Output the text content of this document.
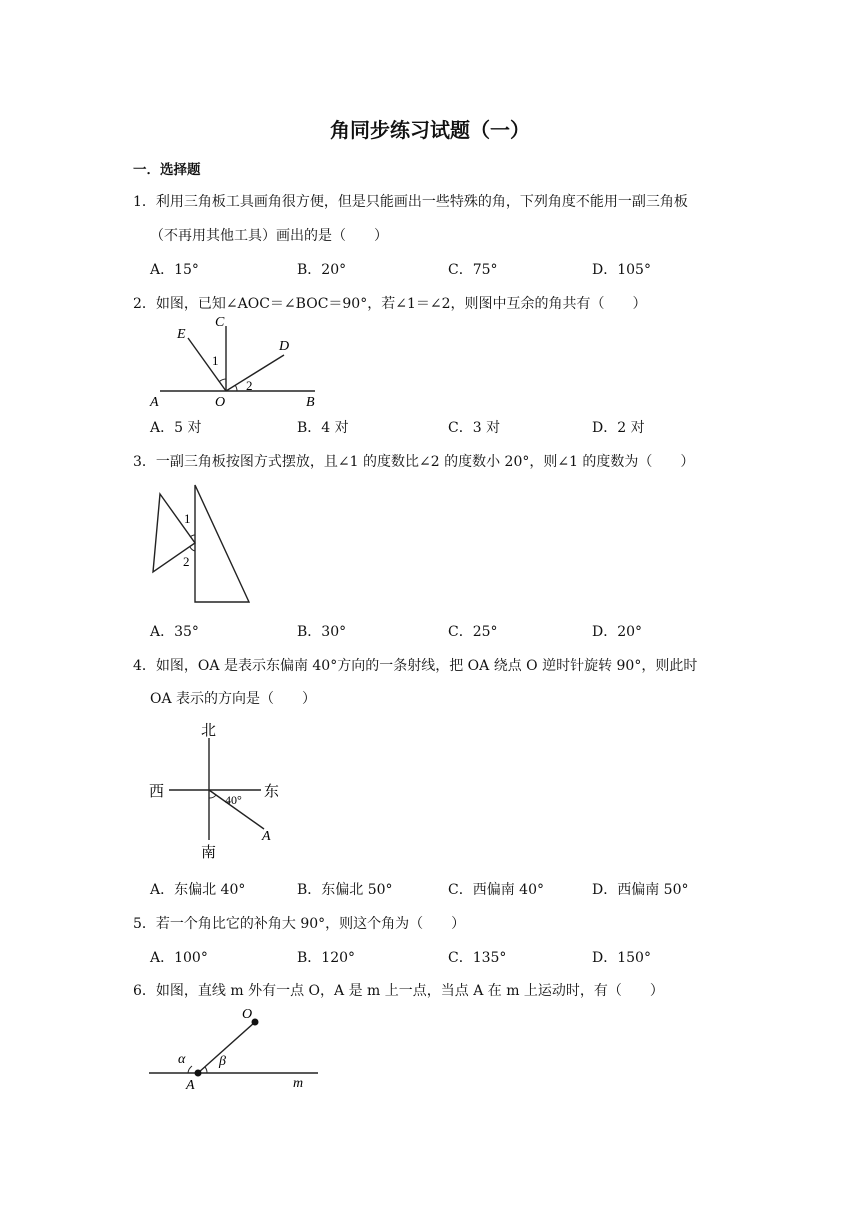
角同步练习试题（一）
一．选择题
1．利用三角板工具画角很方便，但是只能画出一些特殊的角，下列角度不能用一副三角板
（不再用其他工具）画出的是（　　）
A．15°	B．20°	C．75°	D．105°
2．如图，已知∠AOC＝∠BOC＝90°，若∠1＝∠2，则图中互余的角共有（　　）
E
C
D
1
2
A	O	B
A．5 对	B．4 对	C．3 对	D．2 对
3．一副三角板按图方式摆放，且∠1 的度数比∠2 的度数小 20°，则∠1 的度数为（　　）
1
2
A．35°	B．30°	C．25°	D．20°
4．如图，OA 是表示东偏南 40°方向的一条射线，把 OA 绕点 O 逆时针旋转 90°，则此时
OA 表示的方向是（　　）
北
西	东
南
40°
A
A．东偏北 40°	B．东偏北 50°	C．西偏南 40°	D．西偏南 50°
5．若一个角比它的补角大 90°，则这个角为（　　）
A．100°	B．120°	C．135°	D．150°
6．如图，直线 m 外有一点 O，A 是 m 上一点，当点 A 在 m 上运动时，有（　　）
O
α β
A	m
